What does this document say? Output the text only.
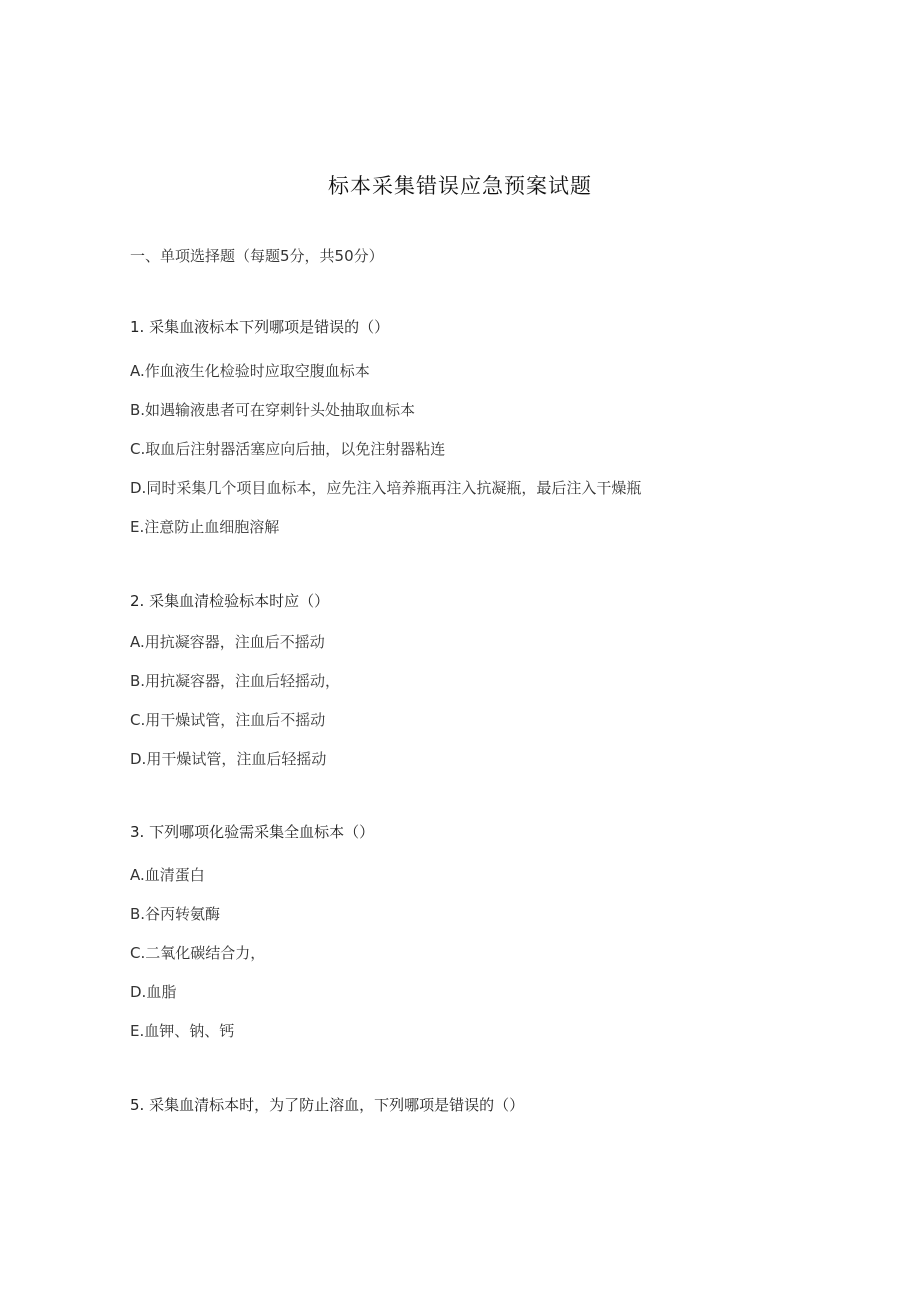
标本采集错误应急预案试题
一、单项选择题（每题5分，共50分）
1. 采集血液标本下列哪项是错误的（）
A.作血液生化检验时应取空腹血标本
B.如遇输液患者可在穿刺针头处抽取血标本
C.取血后注射器活塞应向后抽，以免注射器粘连
D.同时采集几个项目血标本，应先注入培养瓶再注入抗凝瓶，最后注入干燥瓶
E.注意防止血细胞溶解
2. 采集血清检验标本时应（）
A.用抗凝容器，注血后不摇动
B.用抗凝容器，注血后轻摇动，
C.用干燥试管，注血后不摇动
D.用干燥试管，注血后轻摇动
3. 下列哪项化验需采集全血标本（）
A.血清蛋白
B.谷丙转氨酶
C.二氧化碳结合力，
D.血脂
E.血钾、钠、钙
5. 采集血清标本时，为了防止溶血，下列哪项是错误的（）
